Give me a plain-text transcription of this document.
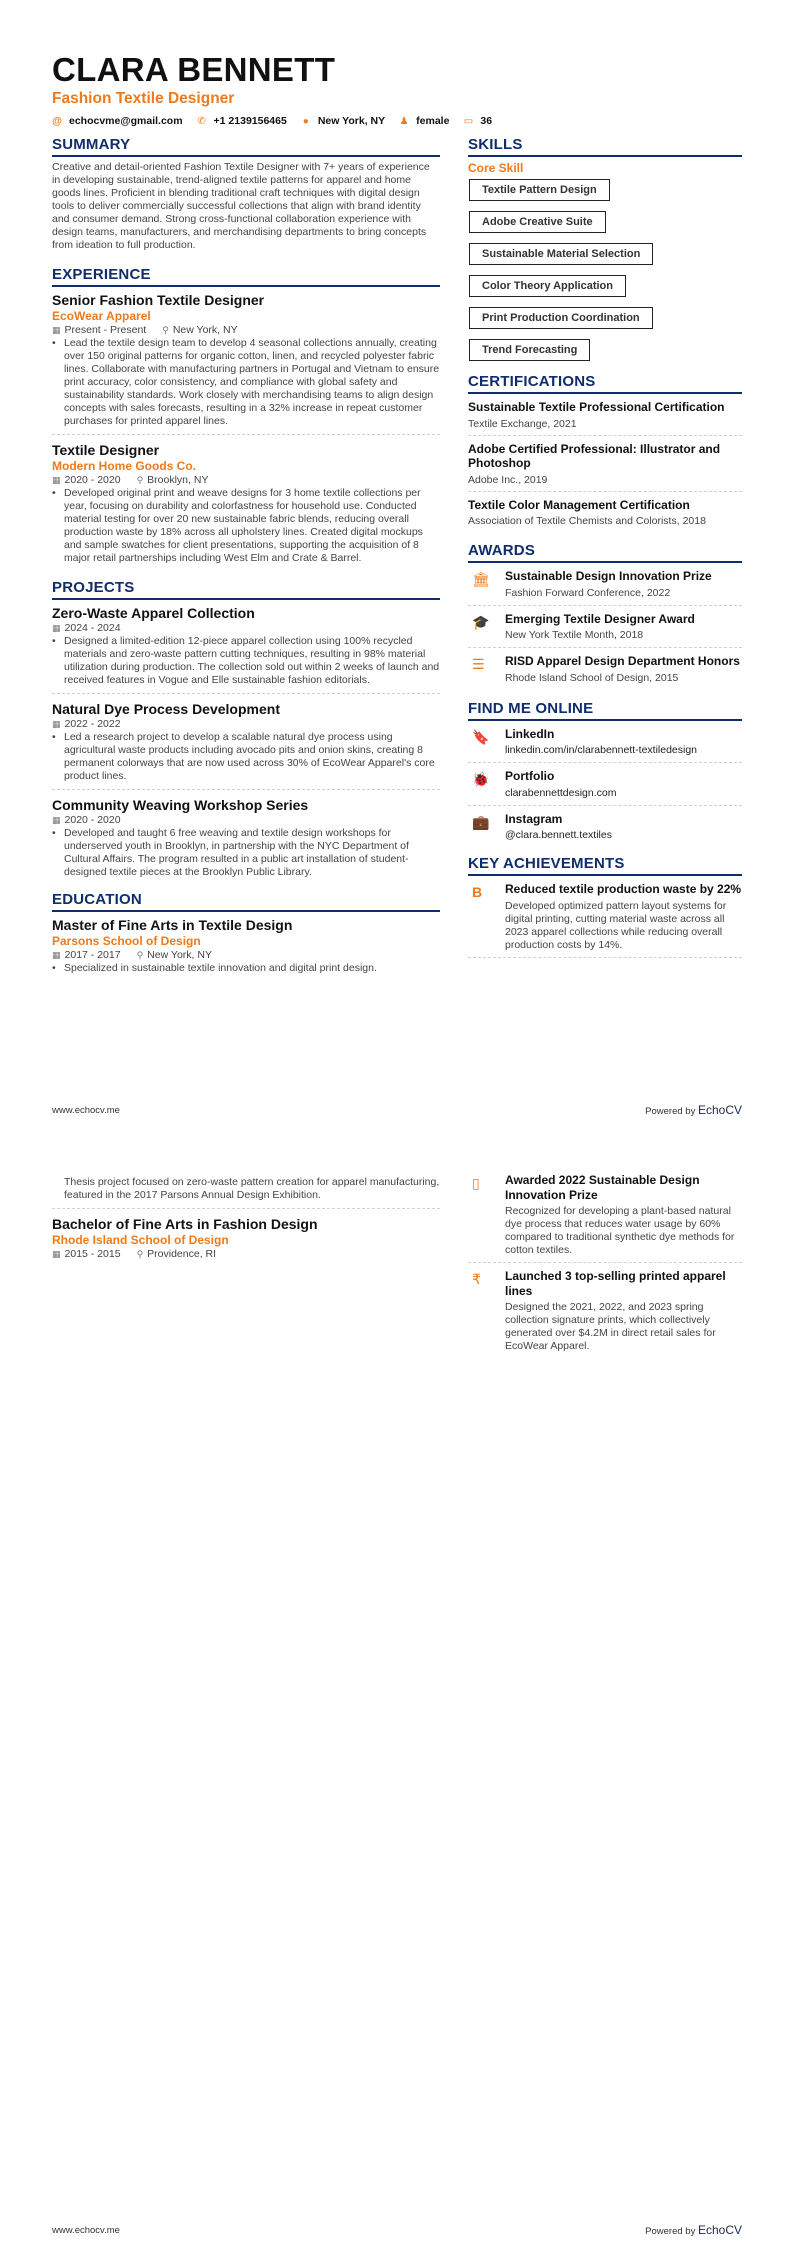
CLARA BENNETT
Fashion Textile Designer
@ echocvme@gmail.com ✆ +1 2139156465 ● New York, NY ♟ female ▭ 36
SUMMARY
Creative and detail-oriented Fashion Textile Designer with 7+ years of experience in developing sustainable, trend-aligned textile patterns for apparel and home goods lines. Proficient in blending traditional craft techniques with digital design tools to deliver commercially successful collections that align with brand identity and consumer demand. Strong cross-functional collaboration experience with design teams, manufacturers, and merchandising departments to bring concepts from ideation to full production.
EXPERIENCE
Senior Fashion Textile Designer
EcoWear Apparel
▦ Present - Present ⚲ New York, NY
• Lead the textile design team to develop 4 seasonal collections annually, creating over 150 original patterns for organic cotton, linen, and recycled polyester fabric lines. Collaborate with manufacturing partners in Portugal and Vietnam to ensure print accuracy, color consistency, and compliance with global safety and sustainability standards. Work closely with merchandising teams to align design concepts with sales forecasts, resulting in a 32% increase in repeat customer purchases for printed apparel lines.
Textile Designer
Modern Home Goods Co.
▦ 2020 - 2020 ⚲ Brooklyn, NY
• Developed original print and weave designs for 3 home textile collections per year, focusing on durability and colorfastness for household use. Conducted material testing for over 20 new sustainable fabric blends, reducing overall production waste by 18% across all upholstery lines. Created digital mockups and sample swatches for client presentations, supporting the acquisition of 8 major retail partnerships including West Elm and Crate & Barrel.
PROJECTS
Zero-Waste Apparel Collection
▦ 2024 - 2024
• Designed a limited-edition 12-piece apparel collection using 100% recycled materials and zero-waste pattern cutting techniques, resulting in 98% material utilization during production. The collection sold out within 2 weeks of launch and received features in Vogue and Elle sustainable fashion editorials.
Natural Dye Process Development
▦ 2022 - 2022
• Led a research project to develop a scalable natural dye process using agricultural waste products including avocado pits and onion skins, creating 8 permanent colorways that are now used across 30% of EcoWear Apparel's core product lines.
Community Weaving Workshop Series
▦ 2020 - 2020
• Developed and taught 6 free weaving and textile design workshops for underserved youth in Brooklyn, in partnership with the NYC Department of Cultural Affairs. The program resulted in a public art installation of student-designed textile pieces at the Brooklyn Public Library.
EDUCATION
Master of Fine Arts in Textile Design
Parsons School of Design
▦ 2017 - 2017 ⚲ New York, NY
• Specialized in sustainable textile innovation and digital print design.
SKILLS
Core Skill
Textile Pattern Design
Adobe Creative Suite
Sustainable Material Selection
Color Theory Application
Print Production Coordination
Trend Forecasting
CERTIFICATIONS
Sustainable Textile Professional Certification
Textile Exchange, 2021
Adobe Certified Professional: Illustrator and Photoshop
Adobe Inc., 2019
Textile Color Management Certification
Association of Textile Chemists and Colorists, 2018
AWARDS
🏛	Sustainable Design Innovation Prize
Fashion Forward Conference, 2022
🎓	Emerging Textile Designer Award
New York Textile Month, 2018
☰	RISD Apparel Design Department Honors
Rhode Island School of Design, 2015
FIND ME ONLINE
🔖	LinkedIn
linkedin.com/in/clarabennett-textiledesign
🐞	Portfolio
clarabennettdesign.com
💼	Instagram
@clara.bennett.textiles
KEY ACHIEVEMENTS
B	Reduced textile production waste by 22%
Developed optimized pattern layout systems for digital printing, cutting material waste across all 2023 apparel collections while reducing overall production costs by 14%.
www.echocv.me	Powered by EchoCV
Thesis project focused on zero-waste pattern creation for apparel manufacturing, featured in the 2017 Parsons Annual Design Exhibition.
Bachelor of Fine Arts in Fashion Design
Rhode Island School of Design
▦ 2015 - 2015 ⚲ Providence, RI
▯	Awarded 2022 Sustainable Design Innovation Prize
Recognized for developing a plant-based natural dye process that reduces water usage by 60% compared to traditional synthetic dye methods for cotton textiles.
₹	Launched 3 top-selling printed apparel lines
Designed the 2021, 2022, and 2023 spring collection signature prints, which collectively generated over $4.2M in direct retail sales for EcoWear Apparel.
www.echocv.me	Powered by EchoCV
